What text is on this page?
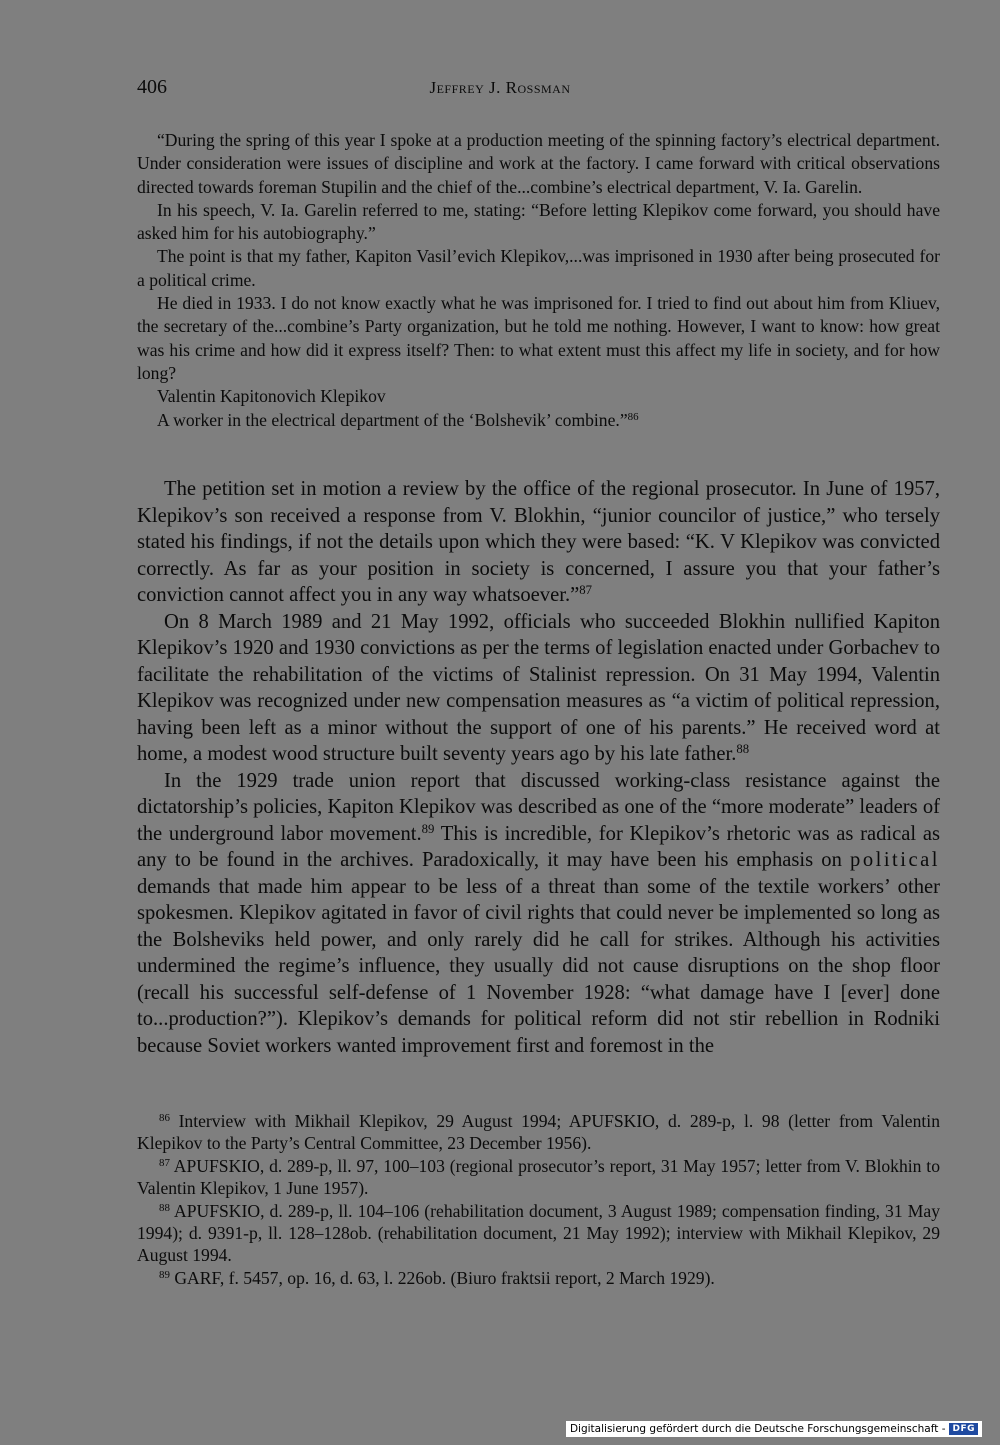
406	Jeffrey J. Rossman

“During the spring of this year I spoke at a production meeting of the spinning factory’s electrical department. Under consideration were issues of discipline and work at the factory. I came forward with critical observations directed towards foreman Stupilin and the chief of the...combine’s electrical department, V. Ia. Garelin.

In his speech, V. Ia. Garelin referred to me, stating: “Before letting Klepikov come forward, you should have asked him for his autobiography.”

The point is that my father, Kapiton Vasil’evich Klepikov,...was imprisoned in 1930 after being prosecuted for a political crime.

He died in 1933. I do not know exactly what he was imprisoned for. I tried to find out about him from Kliuev, the secretary of the...combine’s Party organization, but he told me nothing. However, I want to know: how great was his crime and how did it express itself? Then: to what extent must this affect my life in society, and for how long?

Valentin Kapitonovich Klepikov

A worker in the electrical department of the ‘Bolshevik’ combine.”$^{86}$

The petition set in motion a review by the office of the regional prosecutor. In June of 1957, Klepikov’s son received a response from V. Blokhin, “junior councilor of justice,” who tersely stated his findings, if not the details upon which they were based: “K. V Klepikov was convicted correctly. As far as your position in society is concerned, I assure you that your father’s conviction cannot affect you in any way whatsoever.”$^{87}$

On 8 March 1989 and 21 May 1992, officials who succeeded Blokhin nullified Kapiton Klepikov’s 1920 and 1930 convictions as per the terms of legislation enacted under Gorbachev to facilitate the rehabilitation of the victims of Stalinist repression. On 31 May 1994, Valentin Klepikov was recognized under new compensation measures as “a victim of political repression, having been left as a minor without the support of one of his parents.” He received word at home, a modest wood structure built seventy years ago by his late father.$^{88}$

In the 1929 trade union report that discussed working-class resistance against the dictatorship’s policies, Kapiton Klepikov was described as one of the “more moderate” leaders of the underground labor movement.$^{89}$ This is incredible, for Klepikov’s rhetoric was as radical as any to be found in the archives. Paradoxically, it may have been his emphasis on political demands that made him appear to be less of a threat than some of the textile workers’ other spokesmen. Klepikov agitated in favor of civil rights that could never be implemented so long as the Bolsheviks held power, and only rarely did he call for strikes. Although his activities undermined the regime’s influence, they usually did not cause disruptions on the shop floor (recall his successful self-defense of 1 November 1928: “what damage have I [ever] done to...production?”). Klepikov’s demands for political reform did not stir rebellion in Rodniki because Soviet workers wanted improvement first and foremost in the

$^{86}$ Interview with Mikhail Klepikov, 29 August 1994; APUFSKIO, d. 289-p, l. 98 (letter from Valentin Klepikov to the Party’s Central Committee, 23 December 1956).

$^{87}$ APUFSKIO, d. 289-p, ll. 97, 100–103 (regional prosecutor’s report, 31 May 1957; letter from V. Blokhin to Valentin Klepikov, 1 June 1957).

$^{88}$ APUFSKIO, d. 289-p, ll. 104–106 (rehabilitation document, 3 August 1989; compensation finding, 31 May 1994); d. 9391-p, ll. 128–128ob. (rehabilitation document, 21 May 1992); interview with Mikhail Klepikov, 29 August 1994.

$^{89}$ GARF, f. 5457, op. 16, d. 63, l. 226ob. (Biuro fraktsii report, 2 March 1929).

Digitalisierung gefördert durch die Deutsche Forschungsgemeinschaft - DFG
